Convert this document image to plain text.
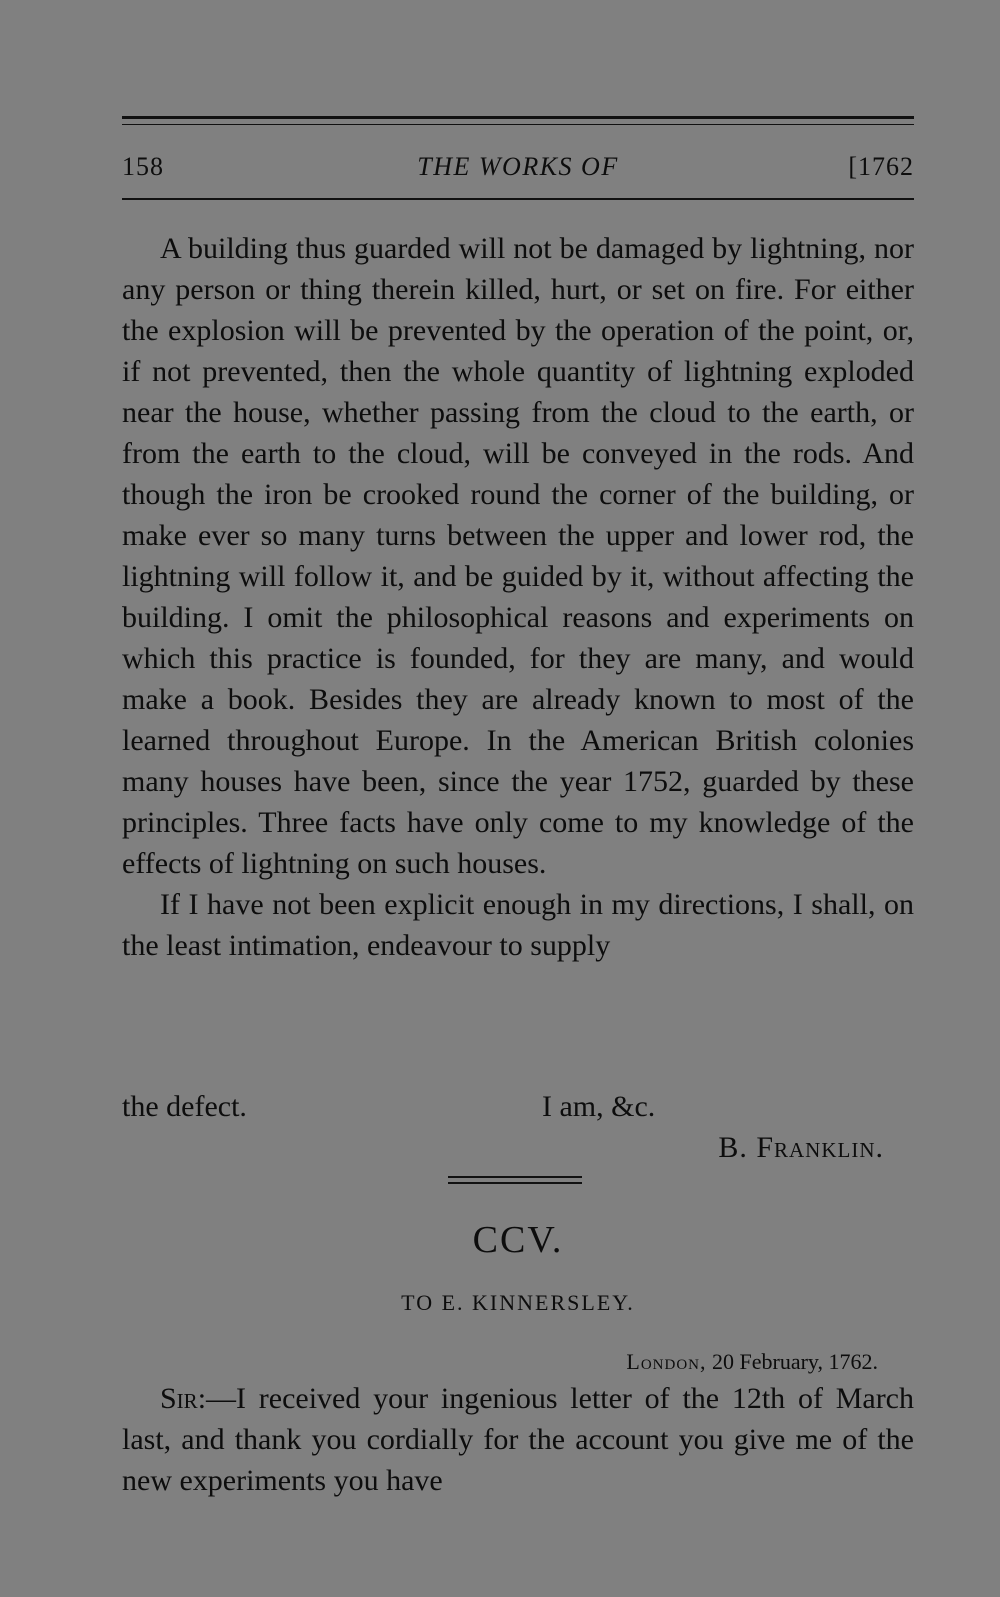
158	THE WORKS OF	[1762

A building thus guarded will not be damaged by lightning, nor any person or thing therein killed, hurt, or set on fire. For either the explosion will be prevented by the operation of the point, or, if not prevented, then the whole quantity of lightning exploded near the house, whether passing from the cloud to the earth, or from the earth to the cloud, will be conveyed in the rods. And though the iron be crooked round the corner of the building, or make ever so many turns between the upper and lower rod, the lightning will follow it, and be guided by it, without affecting the building. I omit the philosophical reasons and experiments on which this practice is founded, for they are many, and would make a book. Besides they are already known to most of the learned throughout Europe. In the American British colonies many houses have been, since the year 1752, guarded by these principles. Three facts have only come to my knowledge of the effects of lightning on such houses.

If I have not been explicit enough in my directions, I shall, on the least intimation, endeavour to supply

the defect.	I am, &c.
B. Franklin.
CCV.
TO E. KINNERSLEY.
London, 20 February, 1762.

Sir:—I received your ingenious letter of the 12th of March last, and thank you cordially for the account you give me of the new experiments you have
